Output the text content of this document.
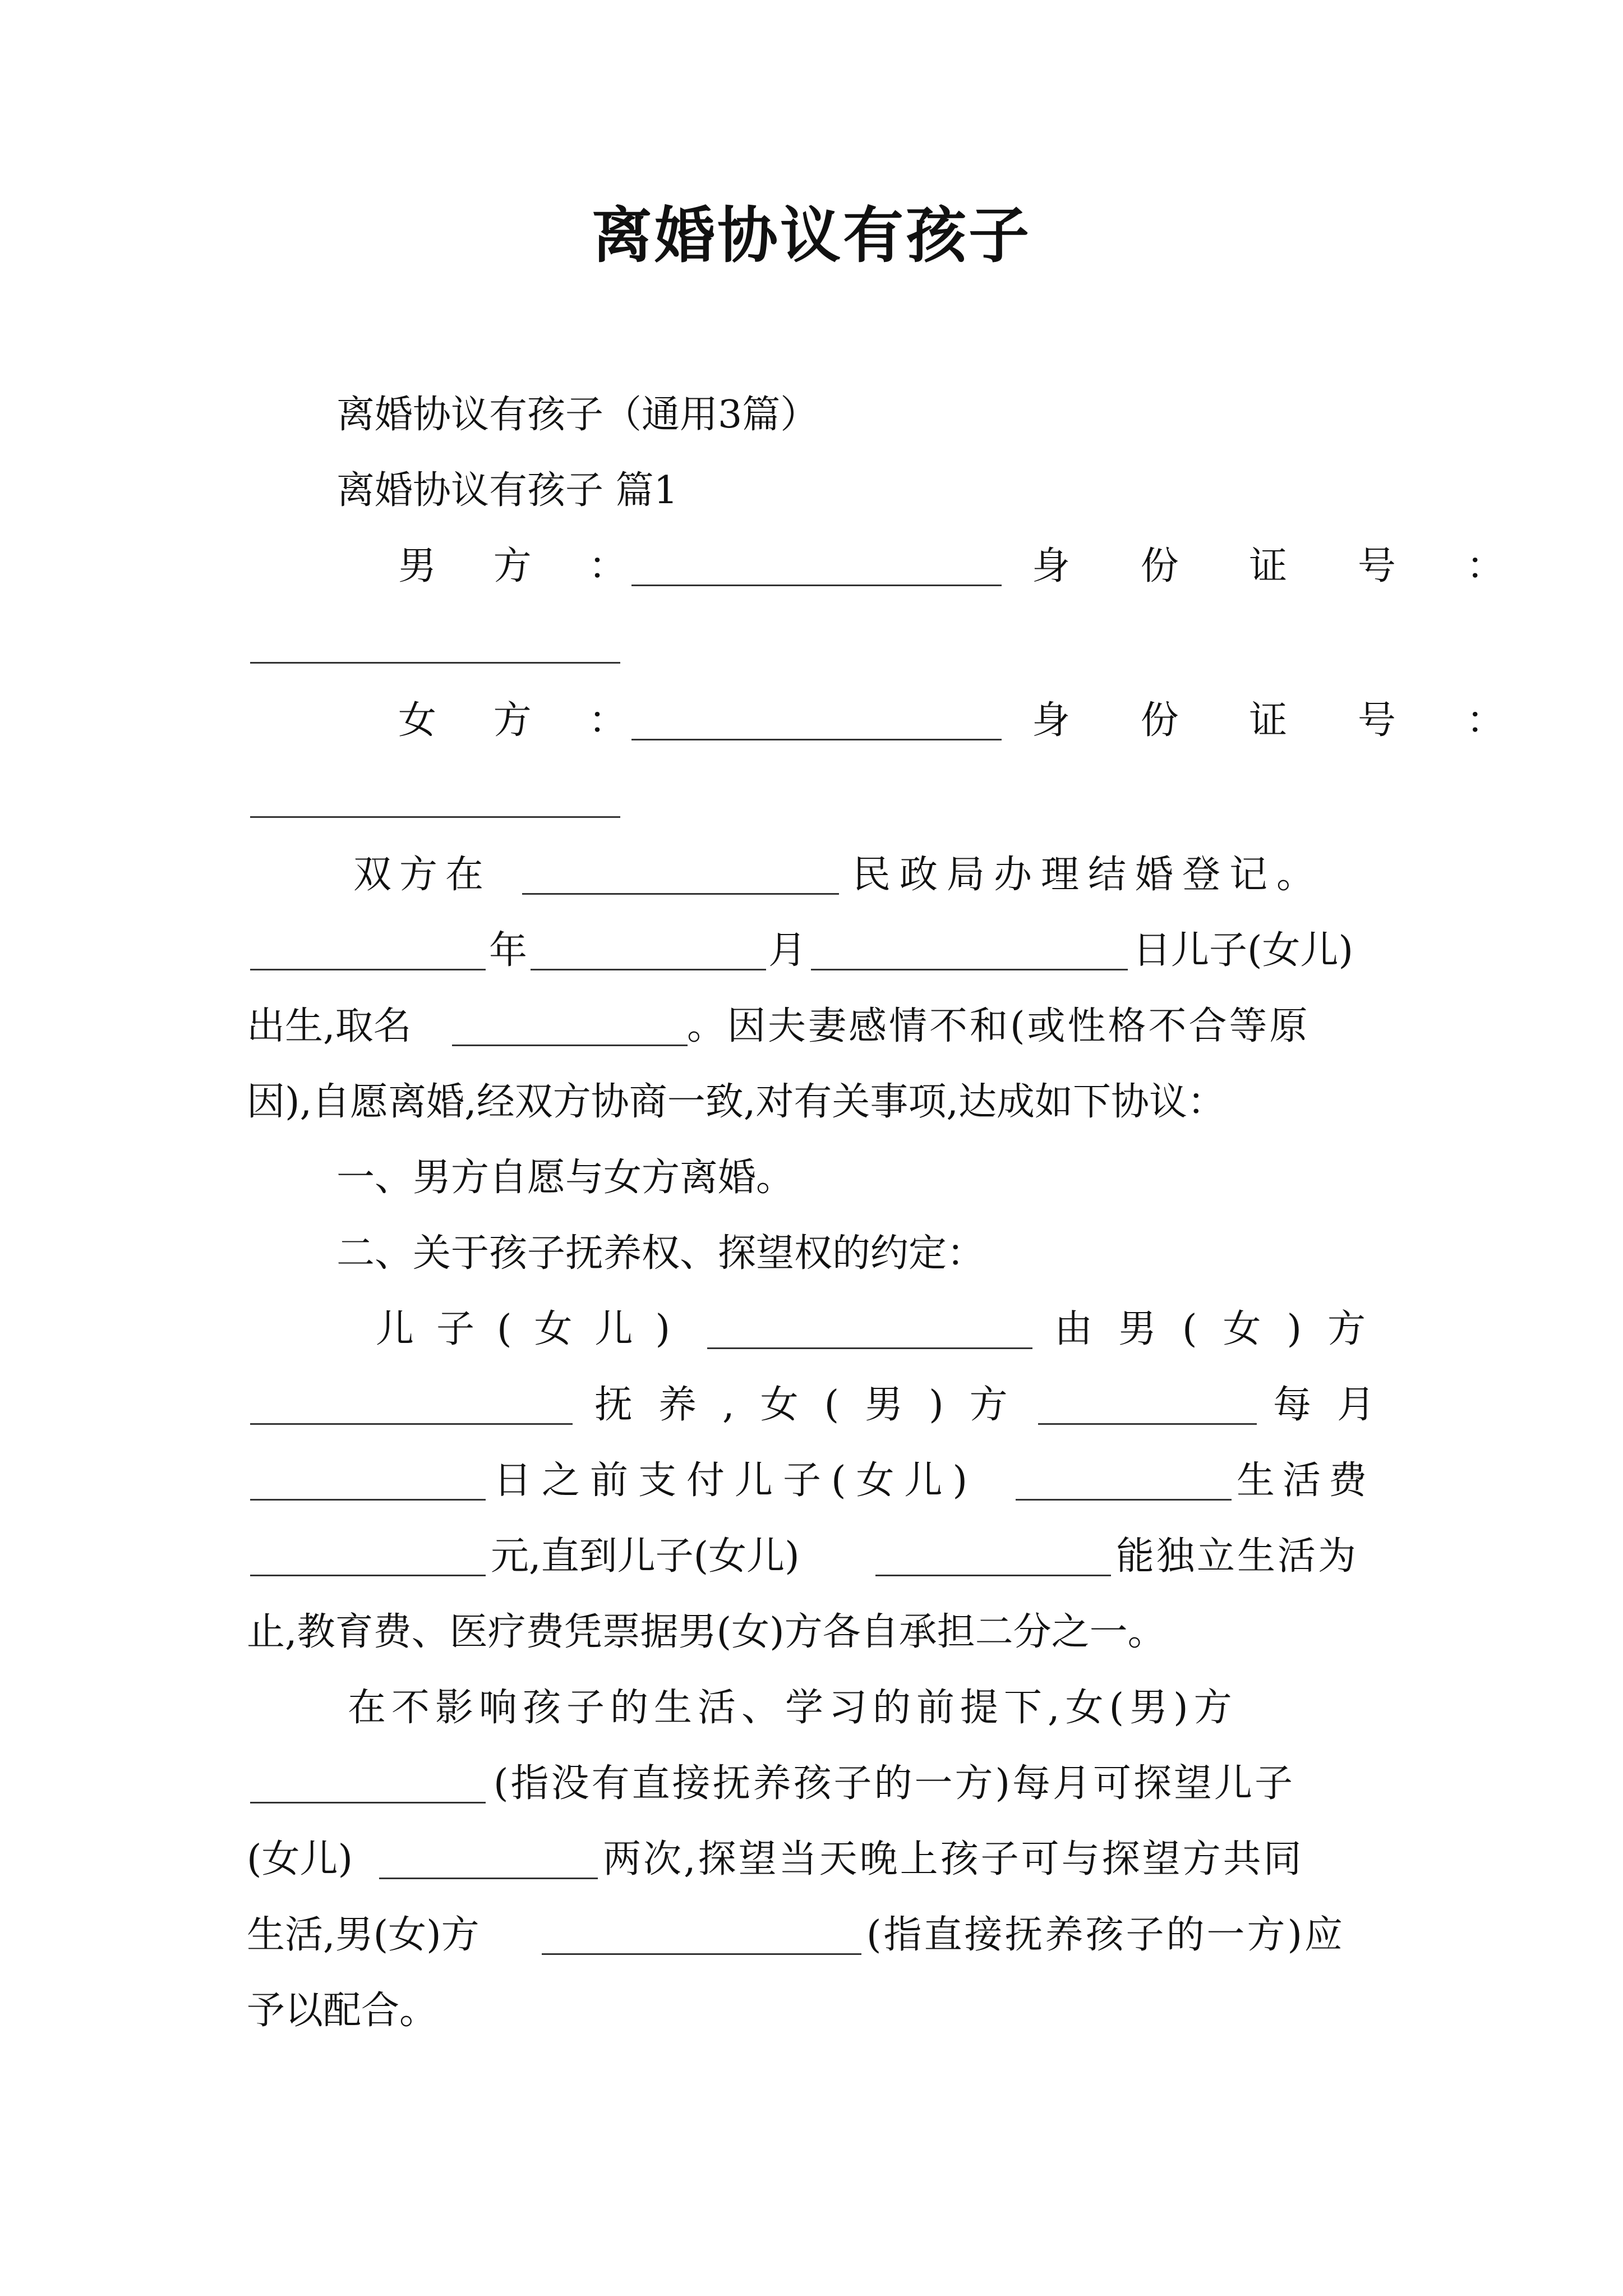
离婚协议有孩子
离婚协议有孩子（通用3篇）
离婚协议有孩子 篇1
男 方 ：	身 份 证 号 ：
女 方 ：	身 份 证 号 ：
双方在	民政局办理结婚登记。
年	月	日儿子(女儿)
出生,取名	。因夫妻感情不和(或性格不合等原
因),自愿离婚,经双方协商一致,对有关事项,达成如下协议：
一、男方自愿与女方离婚。
二、关于孩子抚养权、探望权的约定：
儿子(女儿)	由男(女)方
抚养,女(男)方	每月
日之前支付儿子(女儿)	生活费
元,直到儿子(女儿)	能独立生活为
止,教育费、医疗费凭票据男(女)方各自承担二分之一。
在不影响孩子的生活、学习的前提下,女(男)方
(指没有直接抚养孩子的一方)每月可探望儿子
(女儿)	两次,探望当天晚上孩子可与探望方共同
生活,男(女)方	(指直接抚养孩子的一方)应
予以配合。
